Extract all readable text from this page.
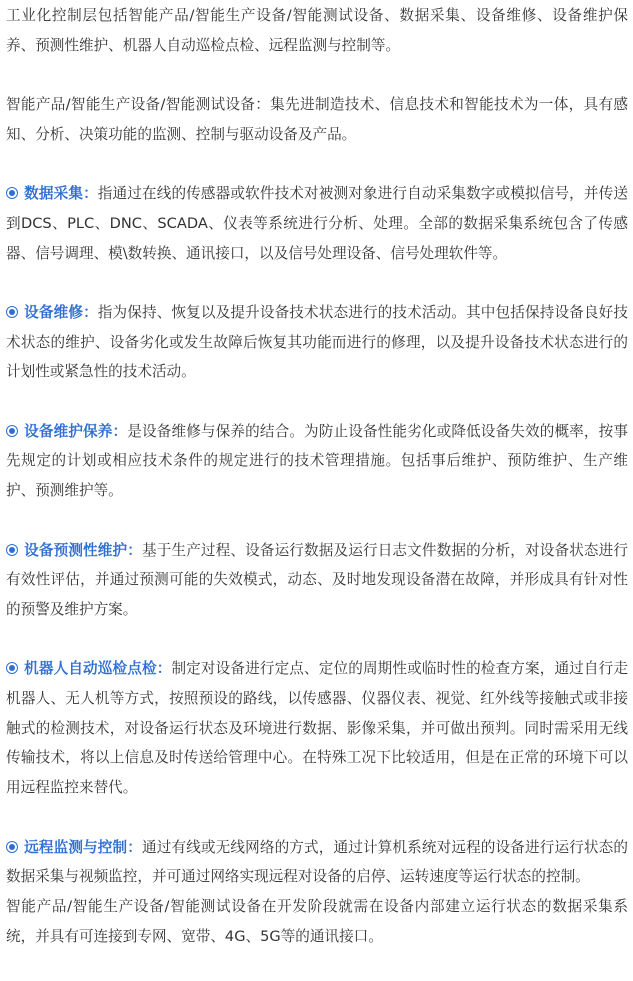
工业化控制层包括智能产品/智能生产设备/智能测试设备、数据采集、设备维修、设备维护保养、预测性维护、机器人自动巡检点检、远程监测与控制等。

智能产品/智能生产设备/智能测试设备：集先进制造技术、信息技术和智能技术为一体，具有感知、分析、决策功能的监测、控制与驱动设备及产品。

数据采集：指通过在线的传感器或软件技术对被测对象进行自动采集数字或模拟信号，并传送到DCS、PLC、DNC、SCADA、仪表等系统进行分析、处理。全部的数据采集系统包含了传感器、信号调理、模\数转换、通讯接口，以及信号处理设备、信号处理软件等。

设备维修：指为保持、恢复以及提升设备技术状态进行的技术活动。其中包括保持设备良好技术状态的维护、设备劣化或发生故障后恢复其功能而进行的修理，以及提升设备技术状态进行的计划性或紧急性的技术活动。

设备维护保养：是设备维修与保养的结合。为防止设备性能劣化或降低设备失效的概率，按事先规定的计划或相应技术条件的规定进行的技术管理措施。包括事后维护、预防维护、生产维护、预测维护等。

设备预测性维护：基于生产过程、设备运行数据及运行日志文件数据的分析，对设备状态进行有效性评估，并通过预测可能的失效模式，动态、及时地发现设备潜在故障，并形成具有针对性的预警及维护方案。

机器人自动巡检点检：制定对设备进行定点、定位的周期性或临时性的检查方案，通过自行走机器人、无人机等方式，按照预设的路线，以传感器、仪器仪表、视觉、红外线等接触式或非接触式的检测技术，对设备运行状态及环境进行数据、影像采集，并可做出预判。同时需采用无线传输技术，将以上信息及时传送给管理中心。在特殊工况下比较适用，但是在正常的环境下可以用远程监控来替代。

远程监测与控制：通过有线或无线网络的方式，通过计算机系统对远程的设备进行运行状态的数据采集与视频监控，并可通过网络实现远程对设备的启停、运转速度等运行状态的控制。
智能产品/智能生产设备/智能测试设备在开发阶段就需在设备内部建立运行状态的数据采集系统，并具有可连接到专网、宽带、4G、5G等的通讯接口。
